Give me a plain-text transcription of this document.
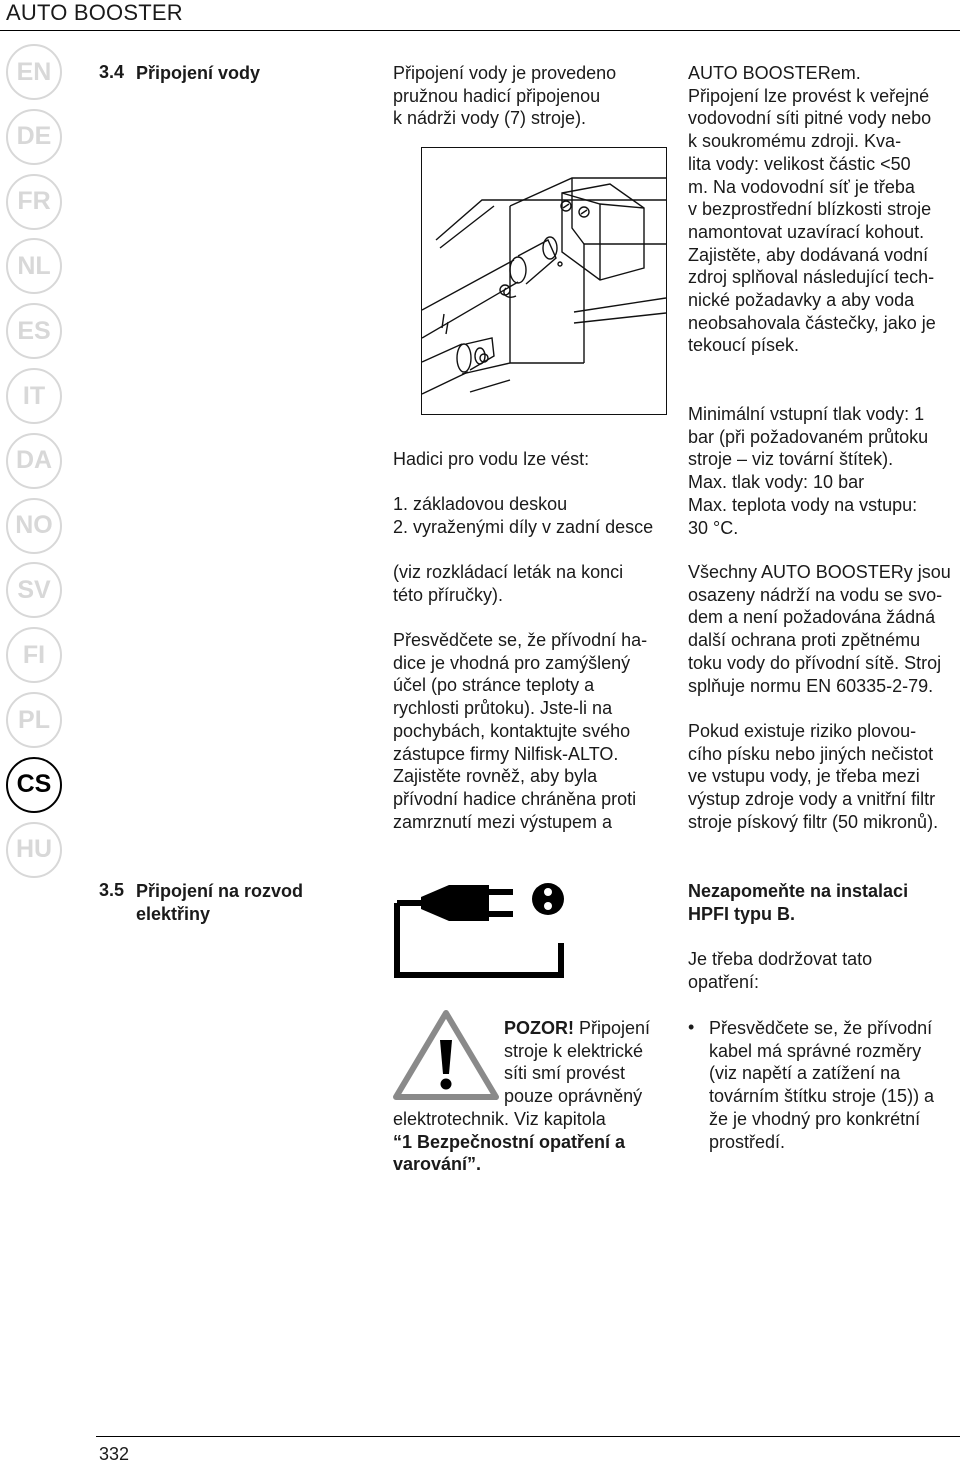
AUTO BOOSTER
EN
DE
FR
NL
ES
IT
DA
NO
SV
FI
PL
CS
HU
3.4 Připojení vody	Připojení vody je provedeno

pružnou hadicí připojenou

k nádrži vody (7) stroje).

Hadici pro vodu lze vést:

1. základovou deskou

2. vyraženými díly v zadní desce

(viz rozkládací leták na konci

této příručky).

Přesvědčete se, že přívodní ha-

dice je vhodná pro zamýšlený

účel (po stránce teploty a

rychlosti průtoku). Jste-li na

pochybách, kontaktujte svého

zástupce firmy Nilfisk-ALTO.

Zajistěte rovněž, aby byla

přívodní hadice chráněna proti

zamrznutí mezi výstupem a

AUTO BOOSTERem.

Připojení lze provést k veřejné

vodovodní síti pitné vody nebo

k soukromému zdroji. Kva-

lita vody: velikost částic <50

m. Na vodovodní síť je třeba

v bezprostřední blízkosti stroje

namontovat uzavírací kohout.

Zajistěte, aby dodávaná vodní

zdroj splňoval následující tech-

nické požadavky a aby voda

neobsahovala částečky, jako je

tekoucí písek.

Minimální vstupní tlak vody: 1

bar (při požadovaném průtoku

stroje – viz tovární štítek).

Max. tlak vody: 10 bar

Max. teplota vody na vstupu:

30 °C.

Všechny AUTO BOOSTERy jsou

osazeny nádrží na vodu se svo-

dem a není požadována žádná

další ochrana proti zpětnému

toku vody do přívodní sítě. Stroj

splňuje normu EN 60335-2-79.

Pokud existuje riziko plovou-

cího písku nebo jiných nečistot

ve vstupu vody, je třeba mezi

výstup zdroje vody a vnitřní filtr

stroje pískový filtr (50 mikronů).

3.5 Připojení na rozvod
elektřiny

POZOR! Připojení

stroje k elektrické

síti smí provést

pouze oprávněný

elektrotechnik. Viz kapitola

“1 Bezpečnostní opatření a

varování”.

Nezapomeňte na instalaci

HPFI typu B.

Je třeba dodržovat tato

opatření:

• Přesvědčete se, že přívodní

kabel má správné rozměry

(viz napětí a zatížení na

továrním štítku stroje (15)) a

že je vhodný pro konkrétní

prostředí.

332
